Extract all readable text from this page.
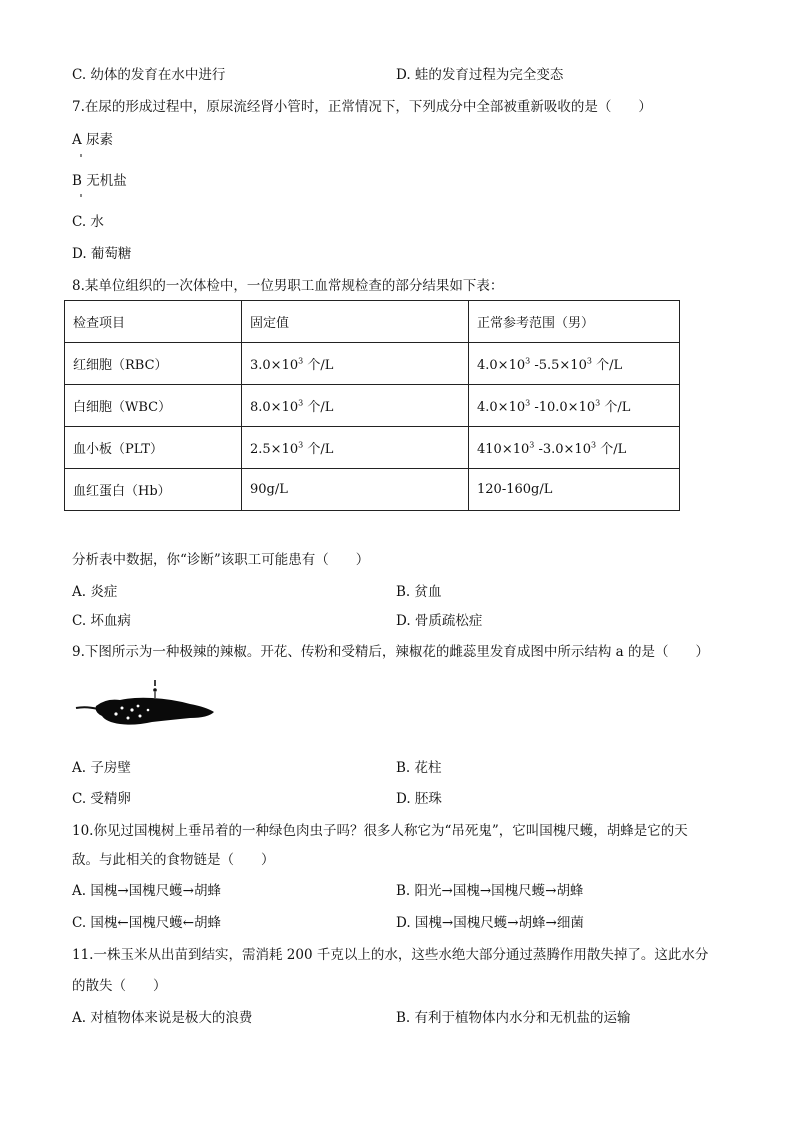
C. 幼体的发育在水中进行	D. 蛙的发育过程为完全变态
7.在尿的形成过程中，原尿流经肾小管时，正常情况下，下列成分中全部被重新吸收的是（　　）
A 尿素
B 无机盐
C. 水
D. 葡萄糖
8.某单位组织的一次体检中，一位男职工血常规检查的部分结果如下表：
检查项目	固定值	正常参考范围（男）
红细胞（RBC）	$3.0\times 10^3$ 个/L	$4.0\times 10^3$ $-5.5\times 10^3$ 个/L
白细胞（WBC）	$8.0\times 10^3$ 个/L	$4.0\times 10^3$ $-10.0\times 10^3$ 个/L
血小板（PLT）	$2.5\times 10^3$ 个/L	$410\times 10^3$ $-3.0\times 10^3$ 个/L
血红蛋白（Hb）	90g/L	120-160g/L
分析表中数据，你“诊断”该职工可能患有（　　）
A. 炎症	B. 贫血
C. 坏血病	D. 骨质疏松症
9.下图所示为一种极辣的辣椒。开花、传粉和受精后，辣椒花的雌蕊里发育成图中所示结构 a 的是（　　）
A. 子房壁	B. 花柱
C. 受精卵	D. 胚珠
10.你见过国槐树上垂吊着的一种绿色肉虫子吗？很多人称它为“吊死鬼”，它叫国槐尺蠖，胡蜂是它的天
敌。与此相关的食物链是（　　）
A. 国槐→国槐尺蠖→胡蜂	B. 阳光→国槐→国槐尺蠖→胡蜂
C. 国槐←国槐尺蠖←胡蜂	D. 国槐→国槐尺蠖→胡蜂→细菌
11.一株玉米从出苗到结实，需消耗 200 千克以上的水，这些水绝大部分通过蒸腾作用散失掉了。这此水分
的散失（　　）
A. 对植物体来说是极大的浪费	B. 有利于植物体内水分和无机盐的运输
